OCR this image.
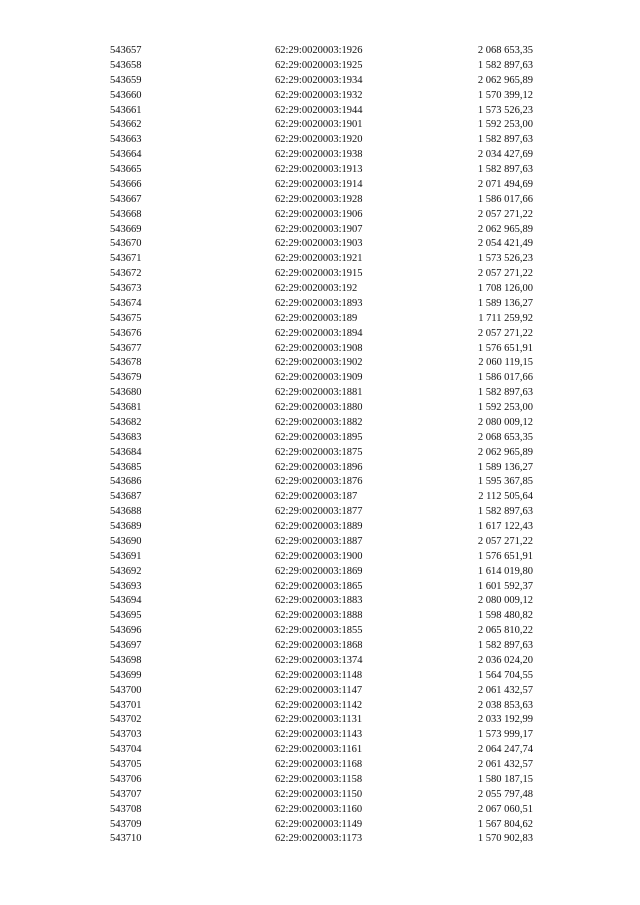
543657	62:29:0020003:1926	2 068 653,35
543658	62:29:0020003:1925	1 582 897,63
543659	62:29:0020003:1934	2 062 965,89
543660	62:29:0020003:1932	1 570 399,12
543661	62:29:0020003:1944	1 573 526,23
543662	62:29:0020003:1901	1 592 253,00
543663	62:29:0020003:1920	1 582 897,63
543664	62:29:0020003:1938	2 034 427,69
543665	62:29:0020003:1913	1 582 897,63
543666	62:29:0020003:1914	2 071 494,69
543667	62:29:0020003:1928	1 586 017,66
543668	62:29:0020003:1906	2 057 271,22
543669	62:29:0020003:1907	2 062 965,89
543670	62:29:0020003:1903	2 054 421,49
543671	62:29:0020003:1921	1 573 526,23
543672	62:29:0020003:1915	2 057 271,22
543673	62:29:0020003:192	1 708 126,00
543674	62:29:0020003:1893	1 589 136,27
543675	62:29:0020003:189	1 711 259,92
543676	62:29:0020003:1894	2 057 271,22
543677	62:29:0020003:1908	1 576 651,91
543678	62:29:0020003:1902	2 060 119,15
543679	62:29:0020003:1909	1 586 017,66
543680	62:29:0020003:1881	1 582 897,63
543681	62:29:0020003:1880	1 592 253,00
543682	62:29:0020003:1882	2 080 009,12
543683	62:29:0020003:1895	2 068 653,35
543684	62:29:0020003:1875	2 062 965,89
543685	62:29:0020003:1896	1 589 136,27
543686	62:29:0020003:1876	1 595 367,85
543687	62:29:0020003:187	2 112 505,64
543688	62:29:0020003:1877	1 582 897,63
543689	62:29:0020003:1889	1 617 122,43
543690	62:29:0020003:1887	2 057 271,22
543691	62:29:0020003:1900	1 576 651,91
543692	62:29:0020003:1869	1 614 019,80
543693	62:29:0020003:1865	1 601 592,37
543694	62:29:0020003:1883	2 080 009,12
543695	62:29:0020003:1888	1 598 480,82
543696	62:29:0020003:1855	2 065 810,22
543697	62:29:0020003:1868	1 582 897,63
543698	62:29:0020003:1374	2 036 024,20
543699	62:29:0020003:1148	1 564 704,55
543700	62:29:0020003:1147	2 061 432,57
543701	62:29:0020003:1142	2 038 853,63
543702	62:29:0020003:1131	2 033 192,99
543703	62:29:0020003:1143	1 573 999,17
543704	62:29:0020003:1161	2 064 247,74
543705	62:29:0020003:1168	2 061 432,57
543706	62:29:0020003:1158	1 580 187,15
543707	62:29:0020003:1150	2 055 797,48
543708	62:29:0020003:1160	2 067 060,51
543709	62:29:0020003:1149	1 567 804,62
543710	62:29:0020003:1173	1 570 902,83
